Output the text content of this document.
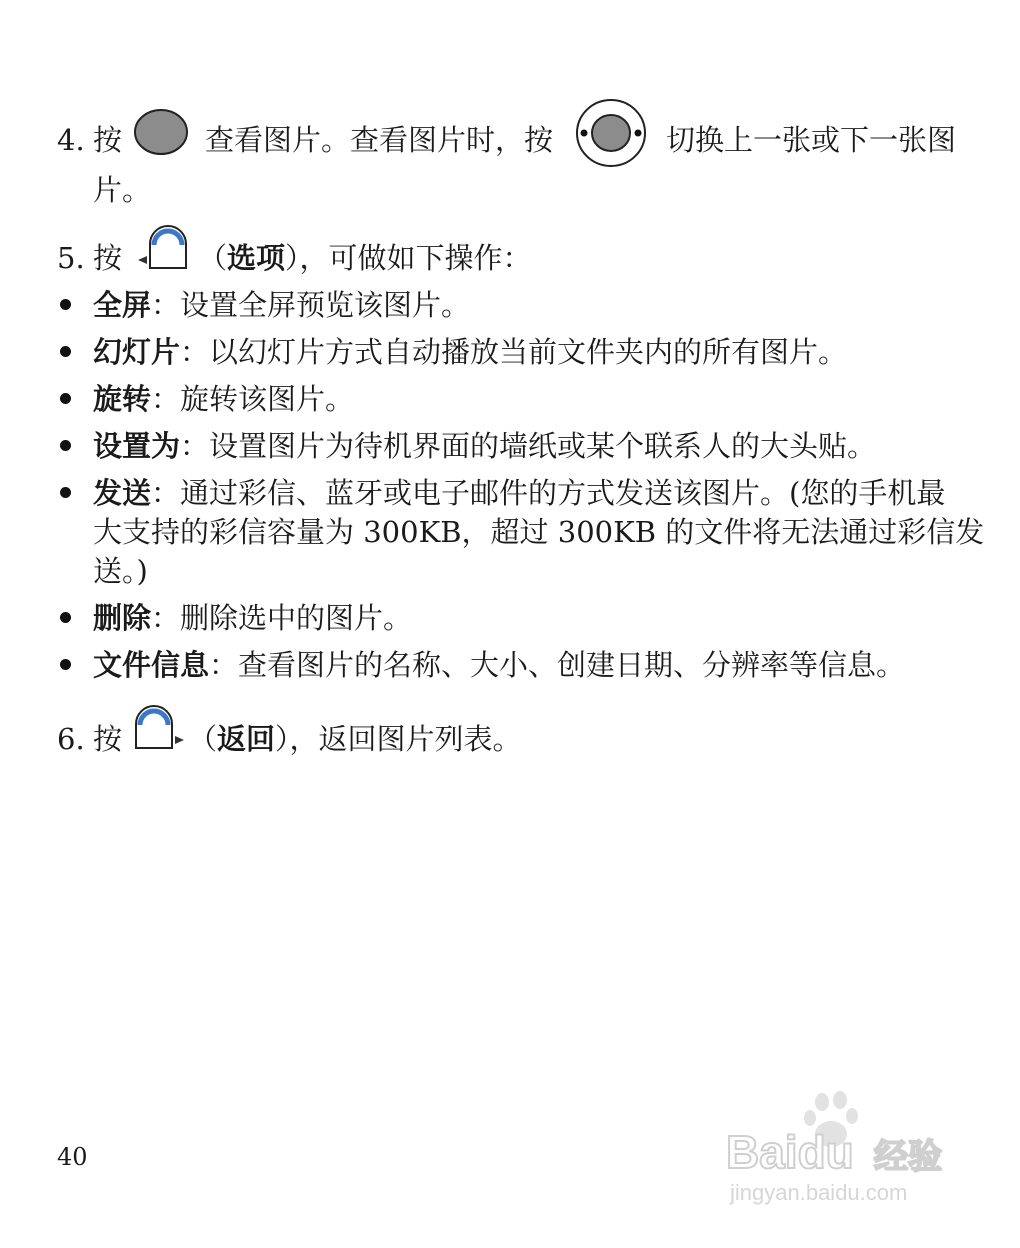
4. 按	查看图片。查看图片时，按	切换上一张或下一张图
片。
5. 按	（选项），可做如下操作：
全屏：设置全屏预览该图片。
幻灯片：以幻灯片方式自动播放当前文件夹内的所有图片。
旋转：旋转该图片。
设置为：设置图片为待机界面的墙纸或某个联系人的大头贴。
发送：通过彩信、蓝牙或电子邮件的方式发送该图片。(您的手机最
大支持的彩信容量为 300KB，超过 300KB 的文件将无法通过彩信发
送。)
删除：删除选中的图片。
文件信息：查看图片的名称、大小、创建日期、分辨率等信息。
6. 按 （返回），返回图片列表。
40	Baidu 经验
jingyan.baidu.com
